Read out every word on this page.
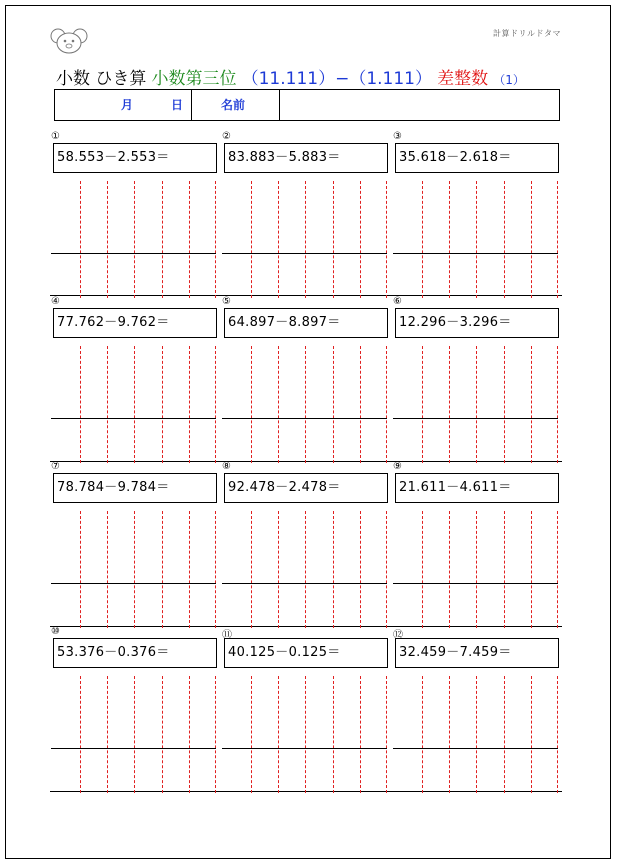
計算ドリルドタマ
小数 ひき算 小数第三位 （11.111）−（1.111） 差整数 （1）
月	日	名前
①
58.553－2.553＝
②
83.883－5.883＝
③
35.618－2.618＝
④
77.762－9.762＝
⑤
64.897－8.897＝
⑥
12.296－3.296＝
⑦
78.784－9.784＝
⑧
92.478－2.478＝
⑨
21.611－4.611＝
⑩
53.376－0.376＝
⑪
40.125－0.125＝
⑫
32.459－7.459＝
